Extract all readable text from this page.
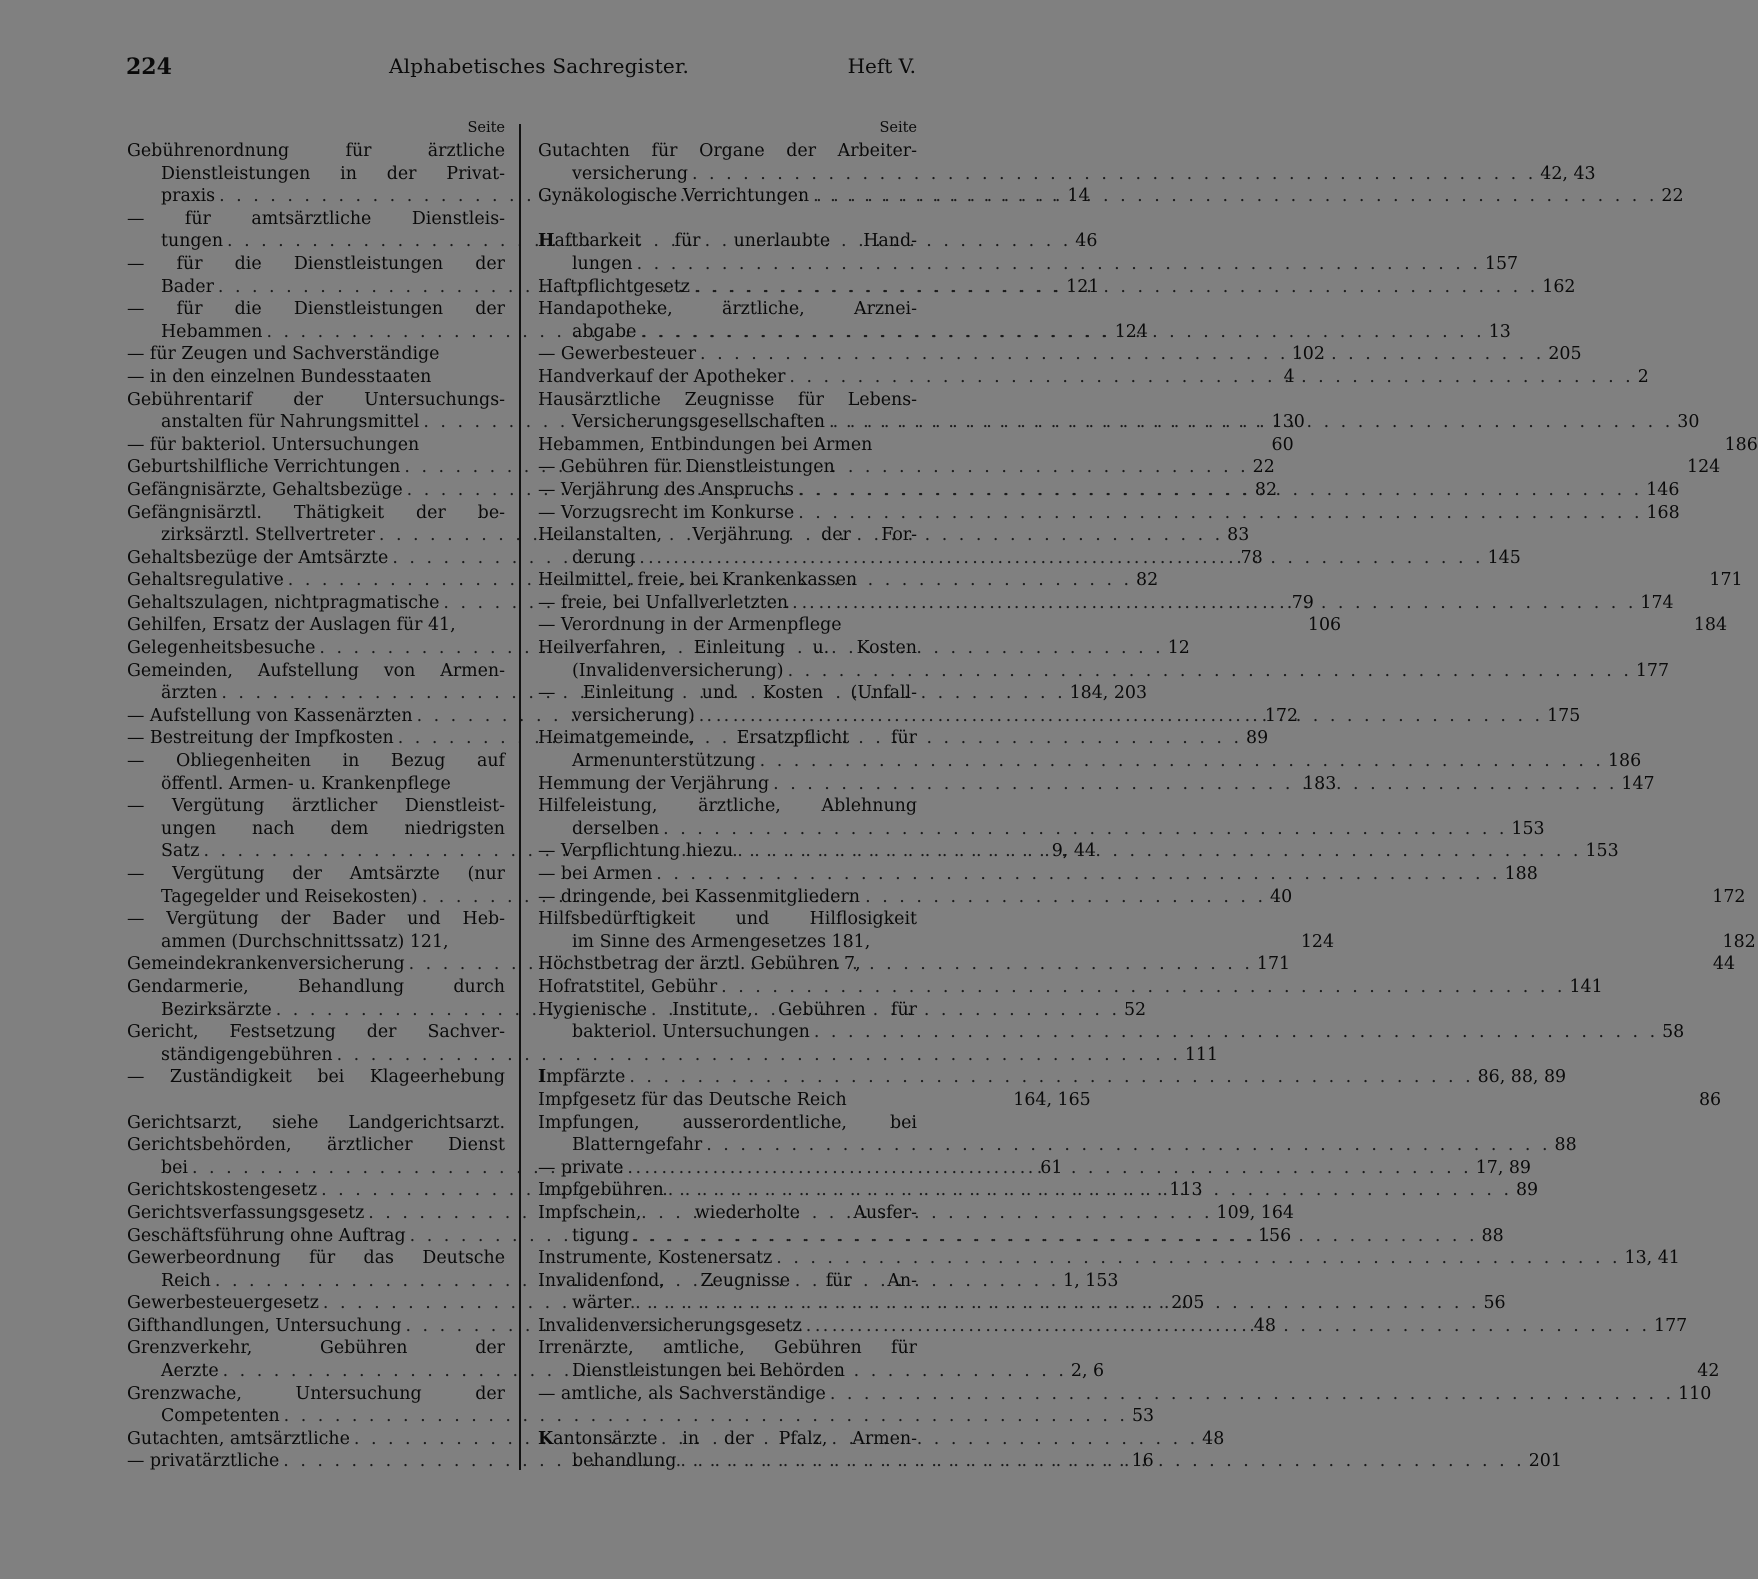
224	Alphabetisches Sachregister.	Heft V.
Seite
Gebührenordnung für ärztliche
Dienstleistungen in der Privat-
praxis . . .	14
— für amtsärztliche Dienstleis-
tungen . . .	46
— für die Dienstleistungen der
Bader . . .	121
— für die Dienstleistungen der
Hebammen . . .	124
— für Zeugen und Sachverständige	102
— in den einzelnen Bundesstaaten	4
Gebührentarif der Untersuchungs-
anstalten für Nahrungsmittel . . .	130
— für bakteriol. Untersuchungen	60
Geburtshilfliche Verrichtungen . . .	22
Gefängnisärzte, Gehaltsbezüge . . .	82
Gefängnisärztl. Thätigkeit der be-
zirksärztl. Stellvertreter . . .	83
Gehaltsbezüge der Amtsärzte . . .	78
Gehaltsregulative . . .	82
Gehaltszulagen, nichtpragmatische . . .	79
Gehilfen, Ersatz der Auslagen für 41,	106
Gelegenheitsbesuche . . .	12
Gemeinden, Aufstellung von Armen-
ärzten . . .	184, 203
— Aufstellung von Kassenärzten . . .	172
— Bestreitung der Impfkosten . . .	89
— Obliegenheiten in Bezug auf
öffentl. Armen- u. Krankenpflege	183
— Vergütung ärztlicher Dienstleist-
ungen nach dem niedrigsten
Satz . . .	9, 44
— Vergütung der Amtsärzte (nur
Tagegelder und Reisekosten) . . .	40
— Vergütung der Bader und Heb-
ammen (Durchschnittssatz) 121,	124
Gemeindekrankenversicherung . . .	171
Gendarmerie, Behandlung durch
Bezirksärzte . . .	52
Gericht, Festsetzung der Sachver-
ständigengebühren . . .	111
— Zuständigkeit bei Klageerhebung
164, 165
Gerichtsarzt, siehe Landgerichtsarzt.
Gerichtsbehörden, ärztlicher Dienst
bei . . .	61
Gerichtskostengesetz . . .	113
Gerichtsverfassungsgesetz . . .	109, 164
Geschäftsführung ohne Auftrag . . .	156
Gewerbeordnung für das Deutsche
Reich . . .	1, 153
Gewerbesteuergesetz . . .	205
Gifthandlungen, Untersuchung . . .	48
Grenzverkehr, Gebühren der
Aerzte . . .	2, 6
Grenzwache, Untersuchung der
Competenten . . .	53
Gutachten, amtsärztliche . . .	48
— privatärztliche . . .	16
Seite
Gutachten für Organe der Arbeiter-
versicherung . . .	42, 43
Gynäkologische Verrichtungen . . .	22
Haftbarkeit für unerlaubte Hand-
lungen . . .	157
Haftpflichtgesetz . . .	162
Handapotheke, ärztliche, Arznei-
abgabe . . .	13
— Gewerbesteuer . . .	205
Handverkauf der Apotheker . . .	2
Hausärztliche Zeugnisse für Lebens-
Versicherungsgesellschaften . . .	30
Hebammen, Entbindungen bei Armen	186
— Gebühren für Dienstleistungen	124
— Verjährung des Anspruchs . . .	146
— Vorzugsrecht im Konkurse . . .	168
Heilanstalten, Verjährung der For-
derung . . .	145
Heilmittel, freie, bei Krankenkassen	171
— freie, bei Unfallverletzten . . .	174
— Verordnung in der Armenpflege	184
Heilverfahren, Einleitung u. Kosten
(Invalidenversicherung) . . .	177
— Einleitung und Kosten (Unfall-
versicherung) . . .	175
Heimatgemeinde, Ersatzpflicht für
Armenunterstützung . . .	186
Hemmung der Verjährung . . .	147
Hilfeleistung, ärztliche, Ablehnung
derselben . . .	153
— Verpflichtung hiezu . . .	153
— bei Armen . . .	188
— dringende, bei Kassenmitgliedern	172
Hilfsbedürftigkeit und Hilflosigkeit
im Sinne des Armengesetzes 181,	182
Höchstbetrag der ärztl. Gebühren 7,	44
Hofratstitel, Gebühr . . .	141
Hygienische Institute, Gebühren für
bakteriol. Untersuchungen . . .	58
Impfärzte . . .	86, 88, 89
Impfgesetz für das Deutsche Reich	86
Impfungen, ausserordentliche, bei
Blatterngefahr . . .	88
— private . . .	17, 89
Impfgebühren . . .	89
Impfschein, wiederholte Ausfer-
tigung . . .	88
Instrumente, Kostenersatz . . .	13, 41
Invalidenfond, Zeugnisse für An-
wärter . . .	56
Invalidenversicherungsgesetz . . .	177
Irrenärzte, amtliche, Gebühren für
Dienstleistungen bei Behörden	42
— amtliche, als Sachverständige . . .	110
Kantonsärzte in der Pfalz, Armen-
behandlung . . .	201
